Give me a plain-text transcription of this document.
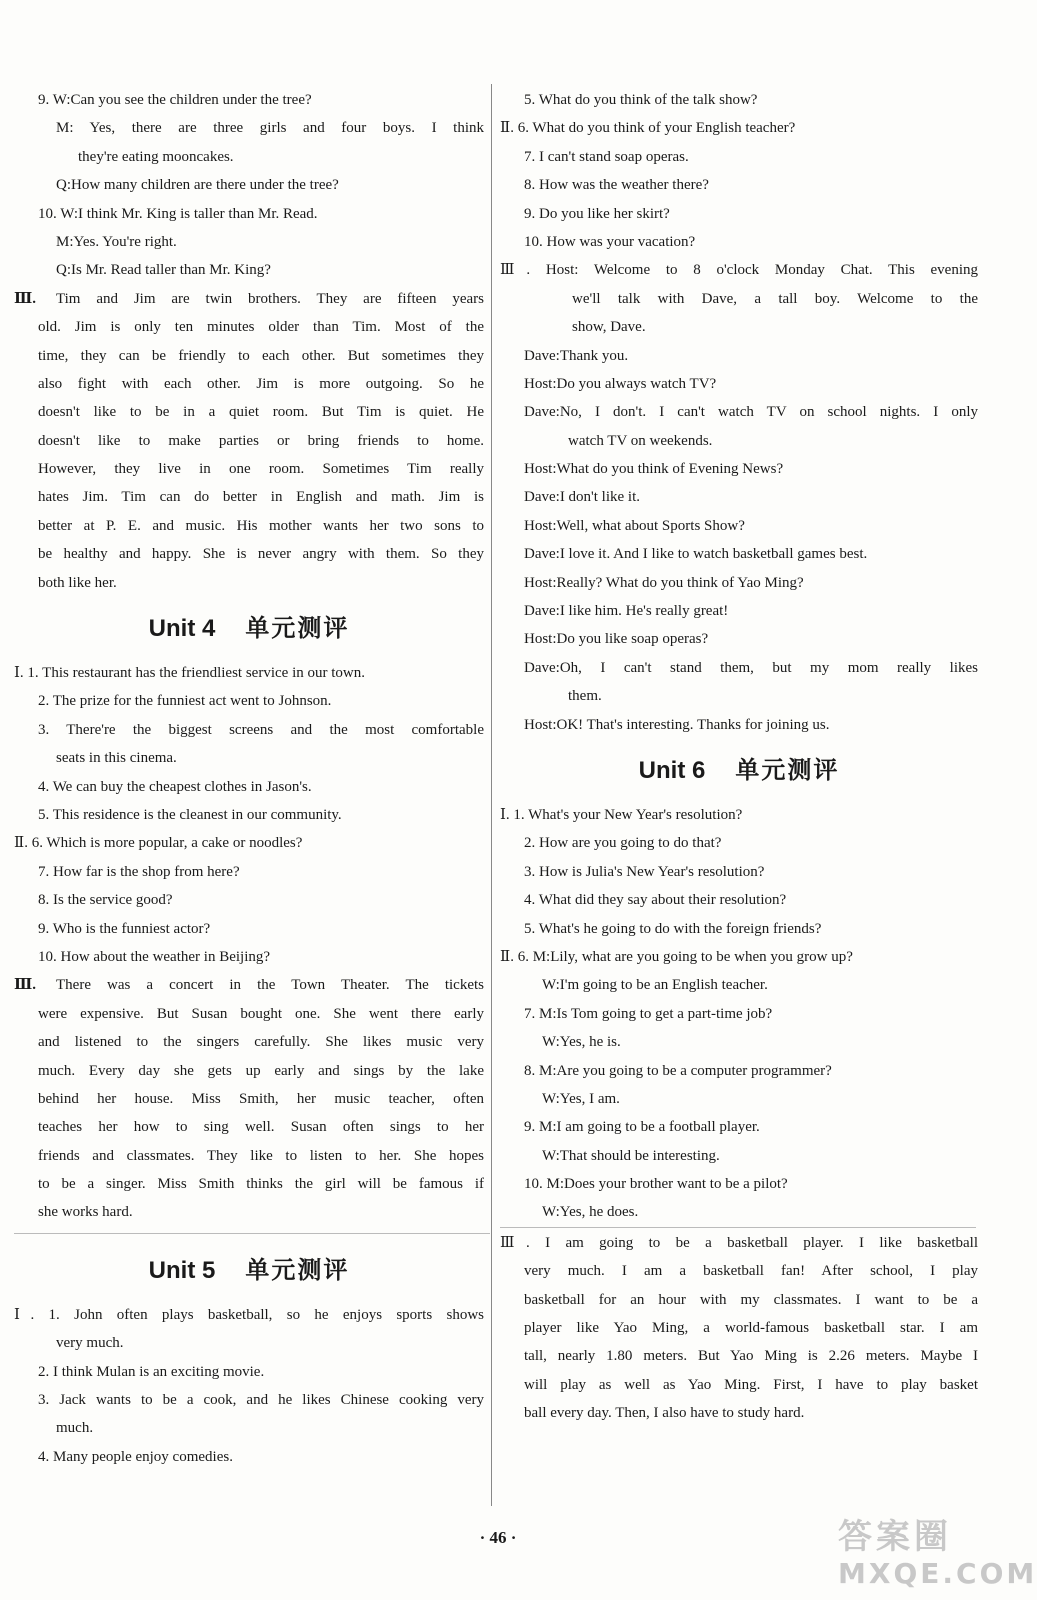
9. W:Can you see the children under the tree?
M: Yes, there are three girls and four boys. I think
they're eating mooncakes.
Q:How many children are there under the tree?
10. W:I think Mr. King is taller than Mr. Read.
M:Yes. You're right.
Q:Is Mr. Read taller than Mr. King?
Ⅲ. Tim and Jim are twin brothers. They are fifteen years
old. Jim is only ten minutes older than Tim. Most of the
time, they can be friendly to each other. But sometimes they
also fight with each other. Jim is more outgoing. So he
doesn't like to be in a quiet room. But Tim is quiet. He
doesn't like to make parties or bring friends to home.
However, they live in one room. Sometimes Tim really
hates Jim. Tim can do better in English and math. Jim is
better at P. E. and music. His mother wants her two sons to
be healthy and happy. She is never angry with them. So they
both like her.
Unit 4 单元测评
Ⅰ. 1. This restaurant has the friendliest service in our town.
2. The prize for the funniest act went to Johnson.
3. There're the biggest screens and the most comfortable
seats in this cinema.
4. We can buy the cheapest clothes in Jason's.
5. This residence is the cleanest in our community.
Ⅱ. 6. Which is more popular, a cake or noodles?
7. How far is the shop from here?
8. Is the service good?
9. Who is the funniest actor?
10. How about the weather in Beijing?
Ⅲ. There was a concert in the Town Theater. The tickets
were expensive. But Susan bought one. She went there early
and listened to the singers carefully. She likes music very
much. Every day she gets up early and sings by the lake
behind her house. Miss Smith, her music teacher, often
teaches her how to sing well. Susan often sings to her
friends and classmates. They like to listen to her. She hopes
to be a singer. Miss Smith thinks the girl will be famous if
she works hard.
Unit 5 单元测评
Ⅰ. 1. John often plays basketball, so he enjoys sports shows
very much.
2. I think Mulan is an exciting movie.
3. Jack wants to be a cook, and he likes Chinese cooking very
much.
4. Many people enjoy comedies.
5. What do you think of the talk show?
Ⅱ. 6. What do you think of your English teacher?
7. I can't stand soap operas.
8. How was the weather there?
9. Do you like her skirt?
10. How was your vacation?
Ⅲ. Host: Welcome to 8 o'clock Monday Chat. This evening
we'll talk with Dave, a tall boy. Welcome to the
show, Dave.
Dave:Thank you.
Host:Do you always watch TV?
Dave:No, I don't. I can't watch TV on school nights. I only
watch TV on weekends.
Host:What do you think of Evening News?
Dave:I don't like it.
Host:Well, what about Sports Show?
Dave:I love it. And I like to watch basketball games best.
Host:Really? What do you think of Yao Ming?
Dave:I like him. He's really great!
Host:Do you like soap operas?
Dave:Oh, I can't stand them, but my mom really likes
them.
Host:OK! That's interesting. Thanks for joining us.
Unit 6 单元测评
Ⅰ. 1. What's your New Year's resolution?
2. How are you going to do that?
3. How is Julia's New Year's resolution?
4. What did they say about their resolution?
5. What's he going to do with the foreign friends?
Ⅱ. 6. M:Lily, what are you going to be when you grow up?
W:I'm going to be an English teacher.
7. M:Is Tom going to get a part-time job?
W:Yes, he is.
8. M:Are you going to be a computer programmer?
W:Yes, I am.
9. M:I am going to be a football player.
W:That should be interesting.
10. M:Does your brother want to be a pilot?
W:Yes, he does.
Ⅲ. I am going to be a basketball player. I like basketball
very much. I am a basketball fan! After school, I play
basketball for an hour with my classmates. I want to be a
player like Yao Ming, a world-famous basketball star. I am
tall, nearly 1.80 meters. But Yao Ming is 2.26 meters. Maybe I
will play as well as Yao Ming. First, I have to play basket
ball every day. Then, I also have to study hard.
· 46 ·	答案圈
MXQE.COM
